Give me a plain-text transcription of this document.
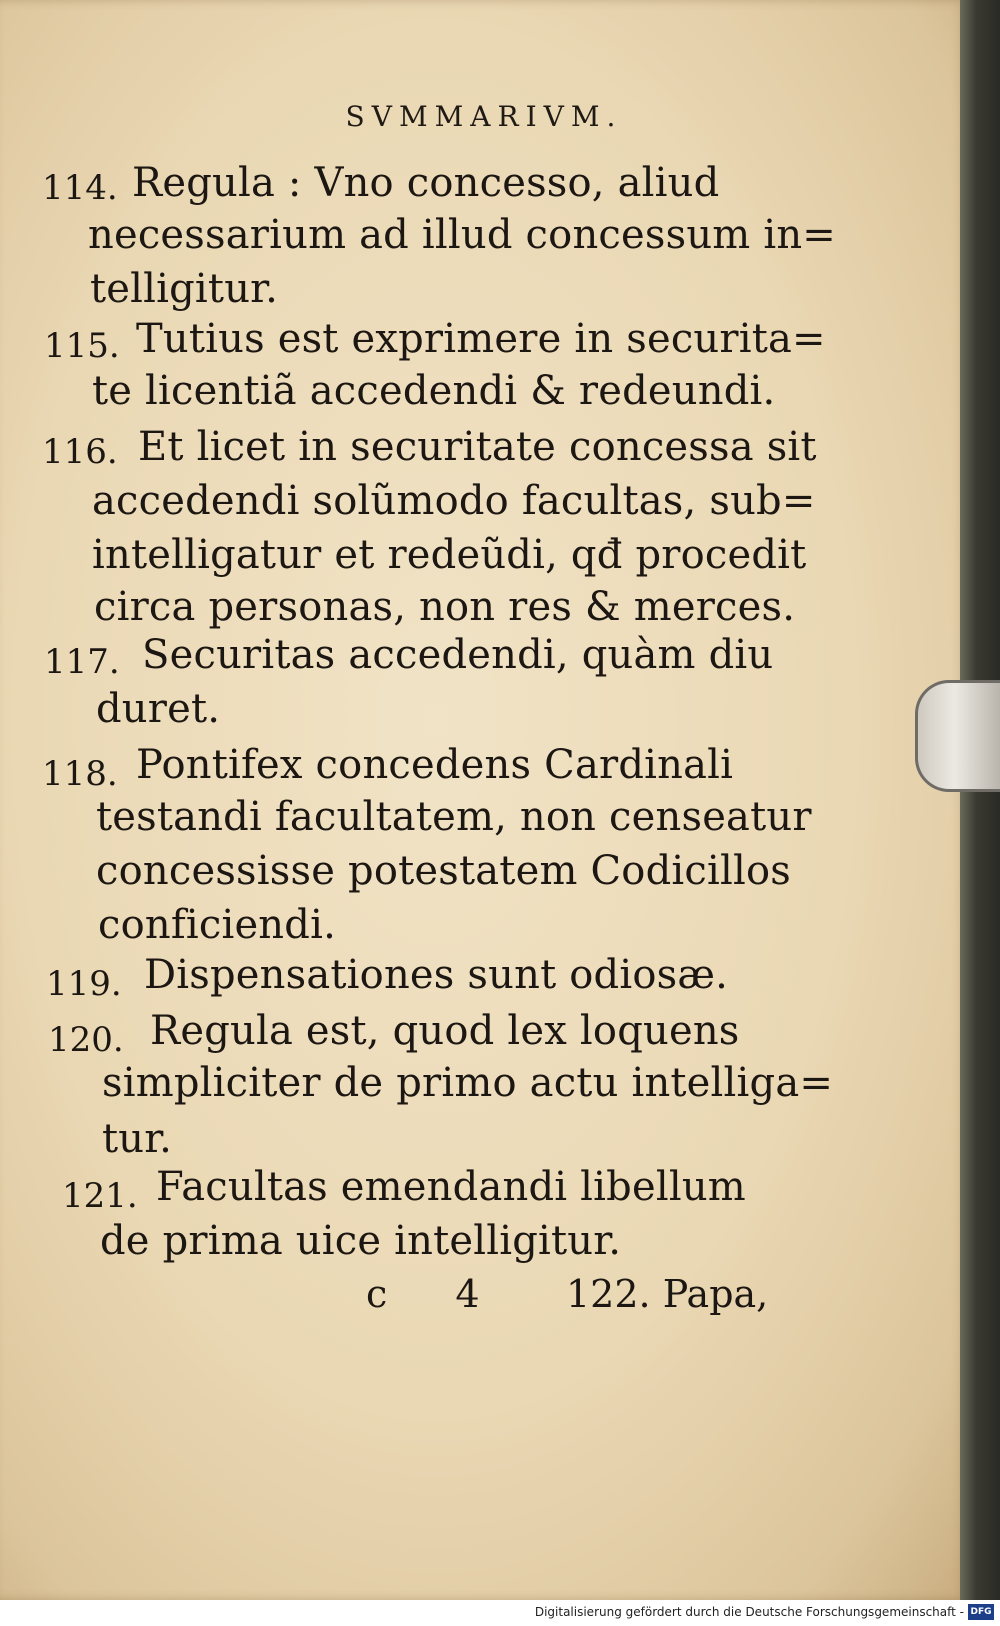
SVMMARIVM.
114. Regula : Vno concesso, aliud
necessarium ad illud concessum in=
telligitur.
115. Tutius est exprimere in securita=
te licentiã accedendi & redeundi.
116. Et licet in securitate concessa sit
accedendi solũmodo facultas, sub=
intelligatur et redeũdi, qđ procedit
circa personas, non res & merces.
117. Securitas accedendi, quàm diu
duret.
118. Pontifex concedens Cardinali
testandi facultatem, non censeatur
concessisse potestatem Codicillos
conficiendi.
119. Dispensationes sunt odiosæ.
120. Regula est, quod lex loquens
simpliciter de primo actu intelliga=
tur.
121. Facultas emendandi libellum
de prima uice intelligitur.
c 4 122. Papa,
Digitalisierung gefördert durch die Deutsche Forschungsgemeinschaft - DFG
